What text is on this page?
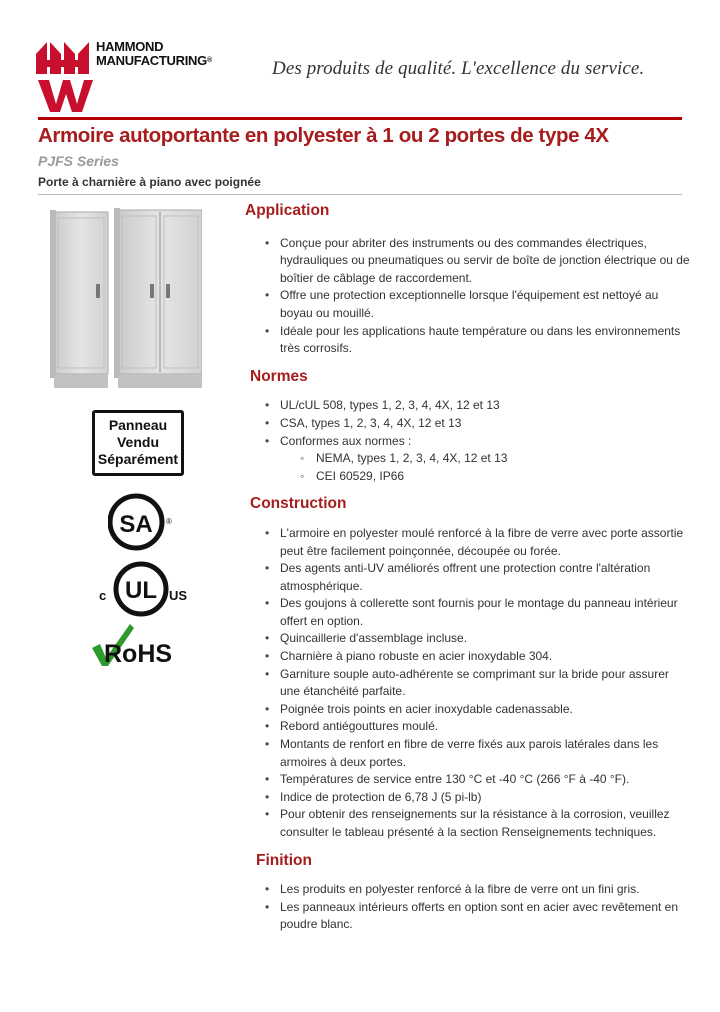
HAMMOND
MANUFACTURING®	Des produits de qualité. L'excellence du service.
Armoire autoportante en polyester à 1 ou 2 portes de type 4X
PJFS Series
Porte à charnière à piano avec poignée
Panneau
Vendu
Séparément
SA ®
UL
c	US
RoHS
Application
• Conçue pour abriter des instruments ou des commandes électriques, hydrauliques ou pneumatiques ou servir de boîte de jonction électrique ou de boîtier de câblage de raccordement.
• Offre une protection exceptionnelle lorsque l'équipement est nettoyé au boyau ou mouillé.
• Idéale pour les applications haute température ou dans les environnements très corrosifs.
Normes
• UL/cUL 508, types 1, 2, 3, 4, 4X, 12 et 13
• CSA, types 1, 2, 3, 4, 4X, 12 et 13
• Conformes aux normes :
◦ NEMA, types 1, 2, 3, 4, 4X, 12 et 13
◦ CEI 60529, IP66
Construction
• L'armoire en polyester moulé renforcé à la fibre de verre avec porte assortie peut être facilement poinçonnée, découpée ou forée.
• Des agents anti-UV améliorés offrent une protection contre l'altération atmosphérique.
• Des goujons à collerette sont fournis pour le montage du panneau intérieur offert en option.
• Quincaillerie d'assemblage incluse.
• Charnière à piano robuste en acier inoxydable 304.
• Garniture souple auto-adhérente se comprimant sur la bride pour assurer une étanchéité parfaite.
• Poignée trois points en acier inoxydable cadenassable.
• Rebord antiégouttures moulé.
• Montants de renfort en fibre de verre fixés aux parois latérales dans les armoires à deux portes.
• Températures de service entre 130 °C et -40 °C (266 °F à -40 °F).
• Indice de protection de 6,78 J (5 pi-lb)
• Pour obtenir des renseignements sur la résistance à la corrosion, veuillez consulter le tableau présenté à la section Renseignements techniques.
Finition
• Les produits en polyester renforcé à la fibre de verre ont un fini gris.
• Les panneaux intérieurs offerts en option sont en acier avec revêtement en poudre blanc.
